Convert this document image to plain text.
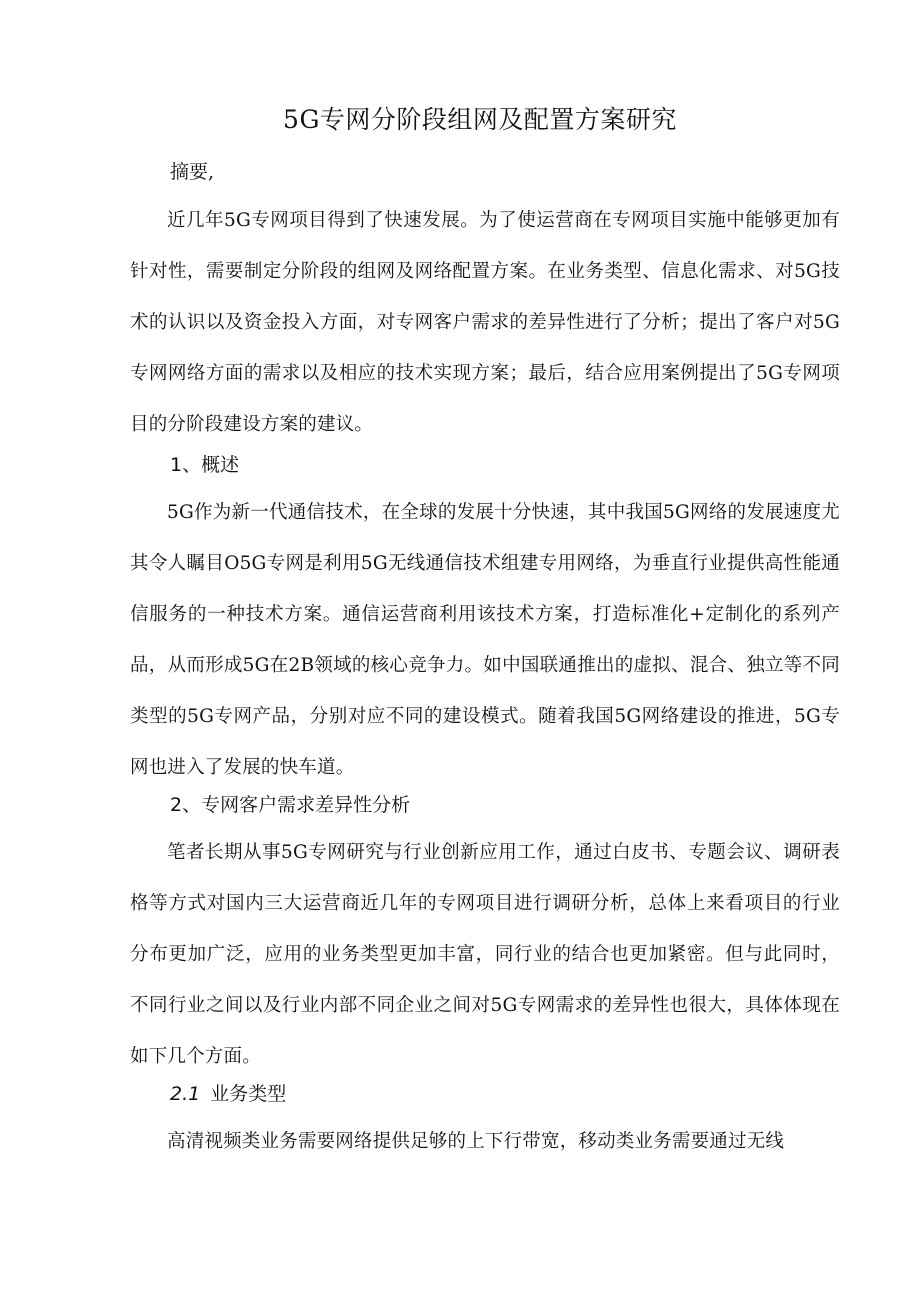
5G专网分阶段组网及配置方案研究
摘要,

近几年5G专网项目得到了快速发展。为了使运营商在专网项目实施中能够更加有针对性，需要制定分阶段的组网及网络配置方案。在业务类型、信息化需求、对5G技术的认识以及资金投入方面，对专网客户需求的差异性进行了分析；提出了客户对5G专网网络方面的需求以及相应的技术实现方案；最后，结合应用案例提出了5G专网项目的分阶段建设方案的建议。

1、概述

5G作为新一代通信技术，在全球的发展十分快速，其中我国5G网络的发展速度尤其令人瞩目O5G专网是利用5G无线通信技术组建专用网络，为垂直行业提供高性能通信服务的一种技术方案。通信运营商利用该技术方案，打造标准化+定制化的系列产品，从而形成5G在2B领域的核心竞争力。如中国联通推出的虚拟、混合、独立等不同类型的5G专网产品，分别对应不同的建设模式。随着我国5G网络建设的推进，5G专网也进入了发展的快车道。

2、专网客户需求差异性分析

笔者长期从事5G专网研究与行业创新应用工作，通过白皮书、专题会议、调研表格等方式对国内三大运营商近几年的专网项目进行调研分析，总体上来看项目的行业分布更加广泛，应用的业务类型更加丰富，同行业的结合也更加紧密。但与此同时，不同行业之间以及行业内部不同企业之间对5G专网需求的差异性也很大，具体体现在如下几个方面。

2.1 业务类型

高清视频类业务需要网络提供足够的上下行带宽，移动类业务需要通过无线
